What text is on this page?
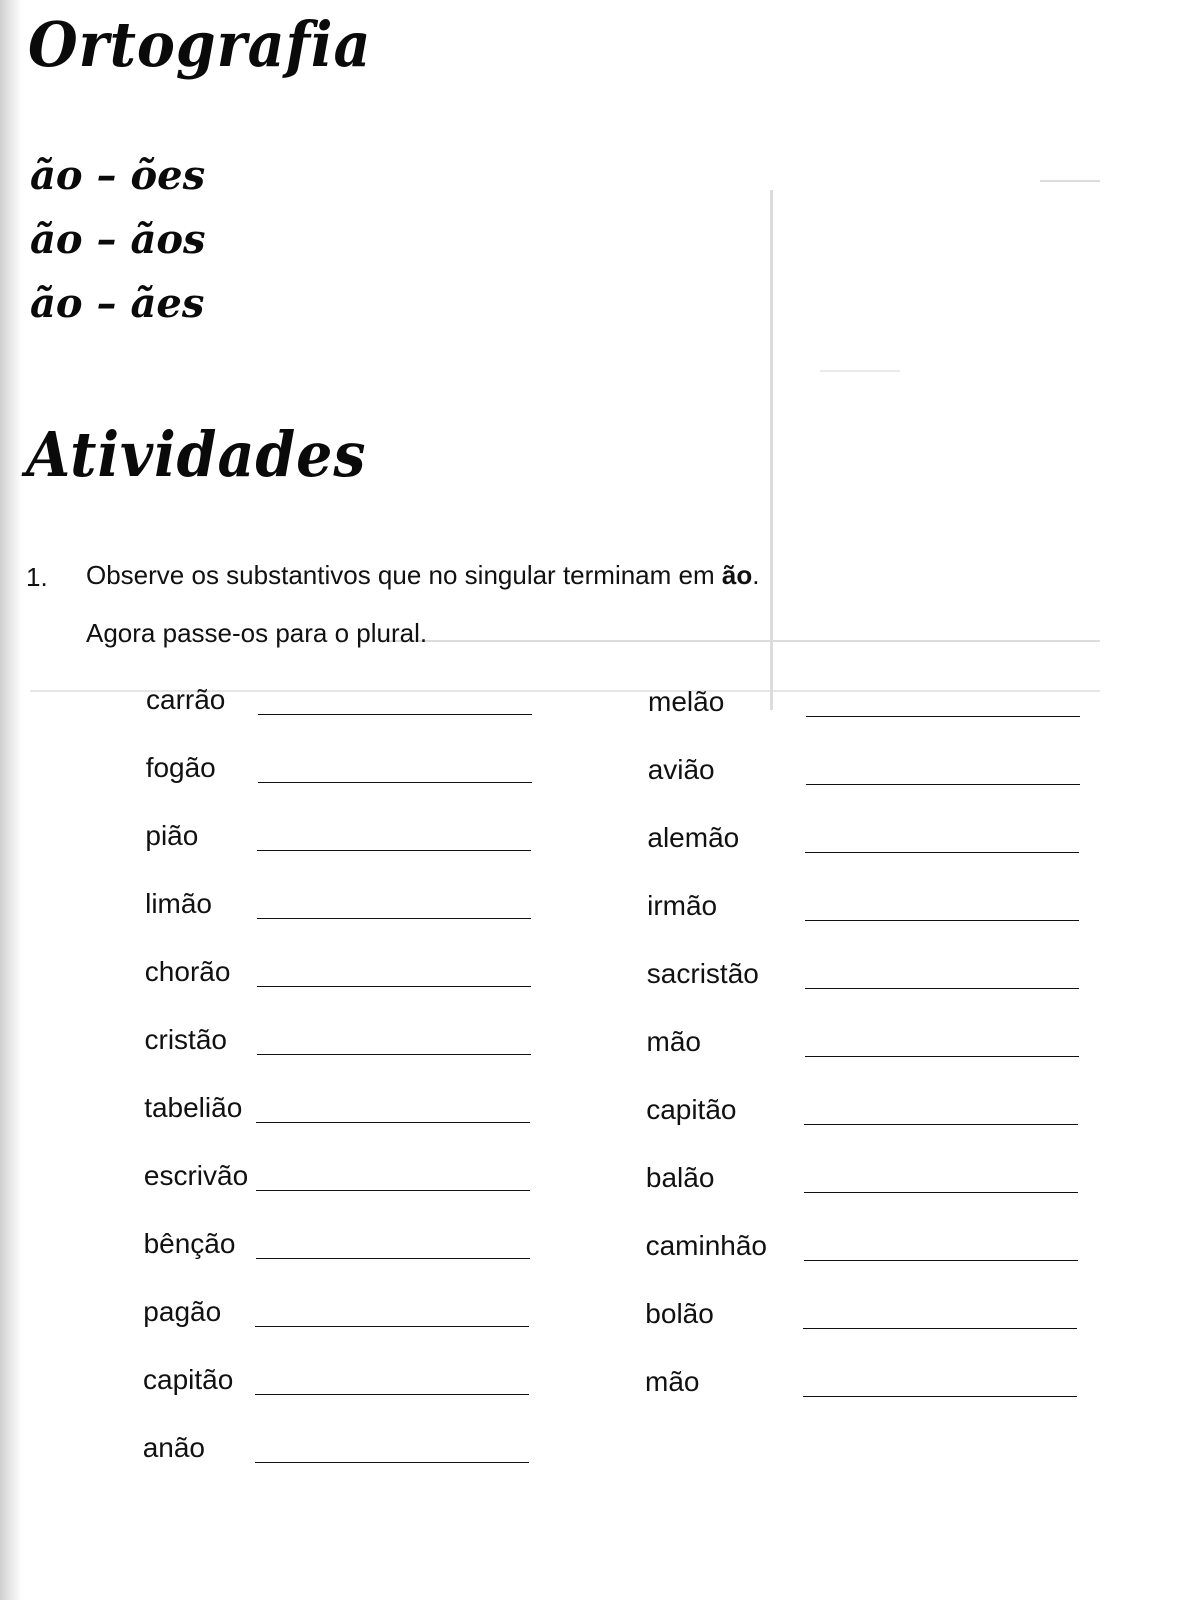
Ortografia

ão – ões

ão – ãos

ão – ães

Atividades
1. Observe os substantivos que no singular terminam em ão.
Agora passe-os para o plural.
carrão
fogão
pião
limão
chorão
cristão
tabelião
escrivão
bênção
pagão
capitão
anão
melão
avião
alemão
irmão
sacristão
mão
capitão
balão
caminhão
bolão
mão
